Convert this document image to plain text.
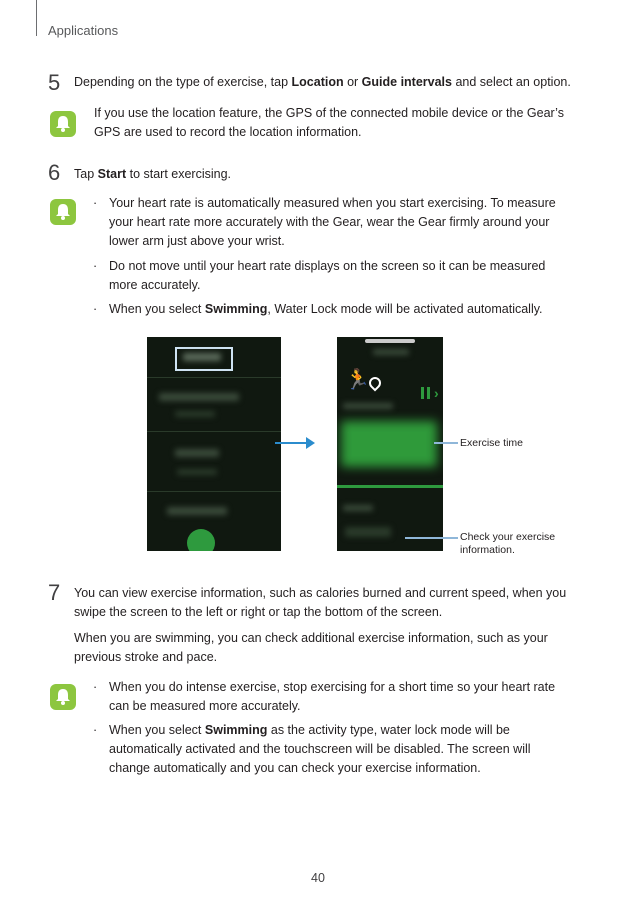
Applications
5 Depending on the type of exercise, tap Location or Guide intervals and select an option.
If you use the location feature, the GPS of the connected mobile device or the Gear’s
GPS are used to record the location information.
6 Tap Start to start exercising.
· Your heart rate is automatically measured when you start exercising. To measure
your heart rate more accurately with the Gear, wear the Gear firmly around your
lower arm just above your wrist.
· Do not move until your heart rate displays on the screen so it can be measured
more accurately.
· When you select Swimming, Water Lock mode will be activated automatically.
🏃
›
Exercise time
Check your exercise
information.
7 You can view exercise information, such as calories burned and current speed, when you
swipe the screen to the left or right or tap the bottom of the screen.
When you are swimming, you can check additional exercise information, such as your
previous stroke and pace.
· When you do intense exercise, stop exercising for a short time so your heart rate
can be measured more accurately.
· When you select Swimming as the activity type, water lock mode will be
automatically activated and the touchscreen will be disabled. The screen will
change automatically and you can check your exercise information.
40
